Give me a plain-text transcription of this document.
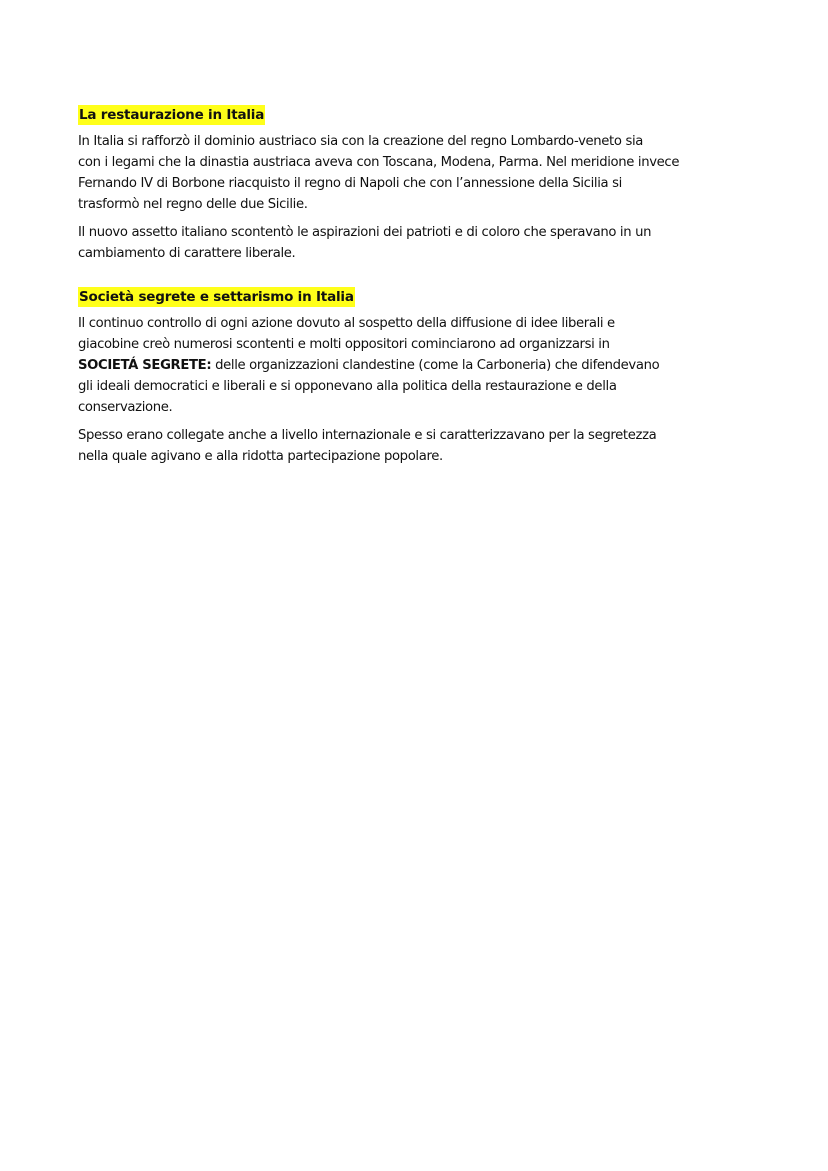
La restaurazione in Italia

In Italia si rafforzò il dominio austriaco sia con la creazione del regno Lombardo-veneto sia
con i legami che la dinastia austriaca aveva con Toscana, Modena, Parma. Nel meridione invece
Fernando IV di Borbone riacquisto il regno di Napoli che con l’annessione della Sicilia si
trasformò nel regno delle due Sicilie.

Il nuovo assetto italiano scontentò le aspirazioni dei patrioti e di coloro che speravano in un
cambiamento di carattere liberale.

Società segrete e settarismo in Italia

Il continuo controllo di ogni azione dovuto al sospetto della diffusione di idee liberali e
giacobine creò numerosi scontenti e molti oppositori cominciarono ad organizzarsi in
SOCIETÁ SEGRETE: delle organizzazioni clandestine (come la Carboneria) che difendevano
gli ideali democratici e liberali e si opponevano alla politica della restaurazione e della
conservazione.

Spesso erano collegate anche a livello internazionale e si caratterizzavano per la segretezza
nella quale agivano e alla ridotta partecipazione popolare.
